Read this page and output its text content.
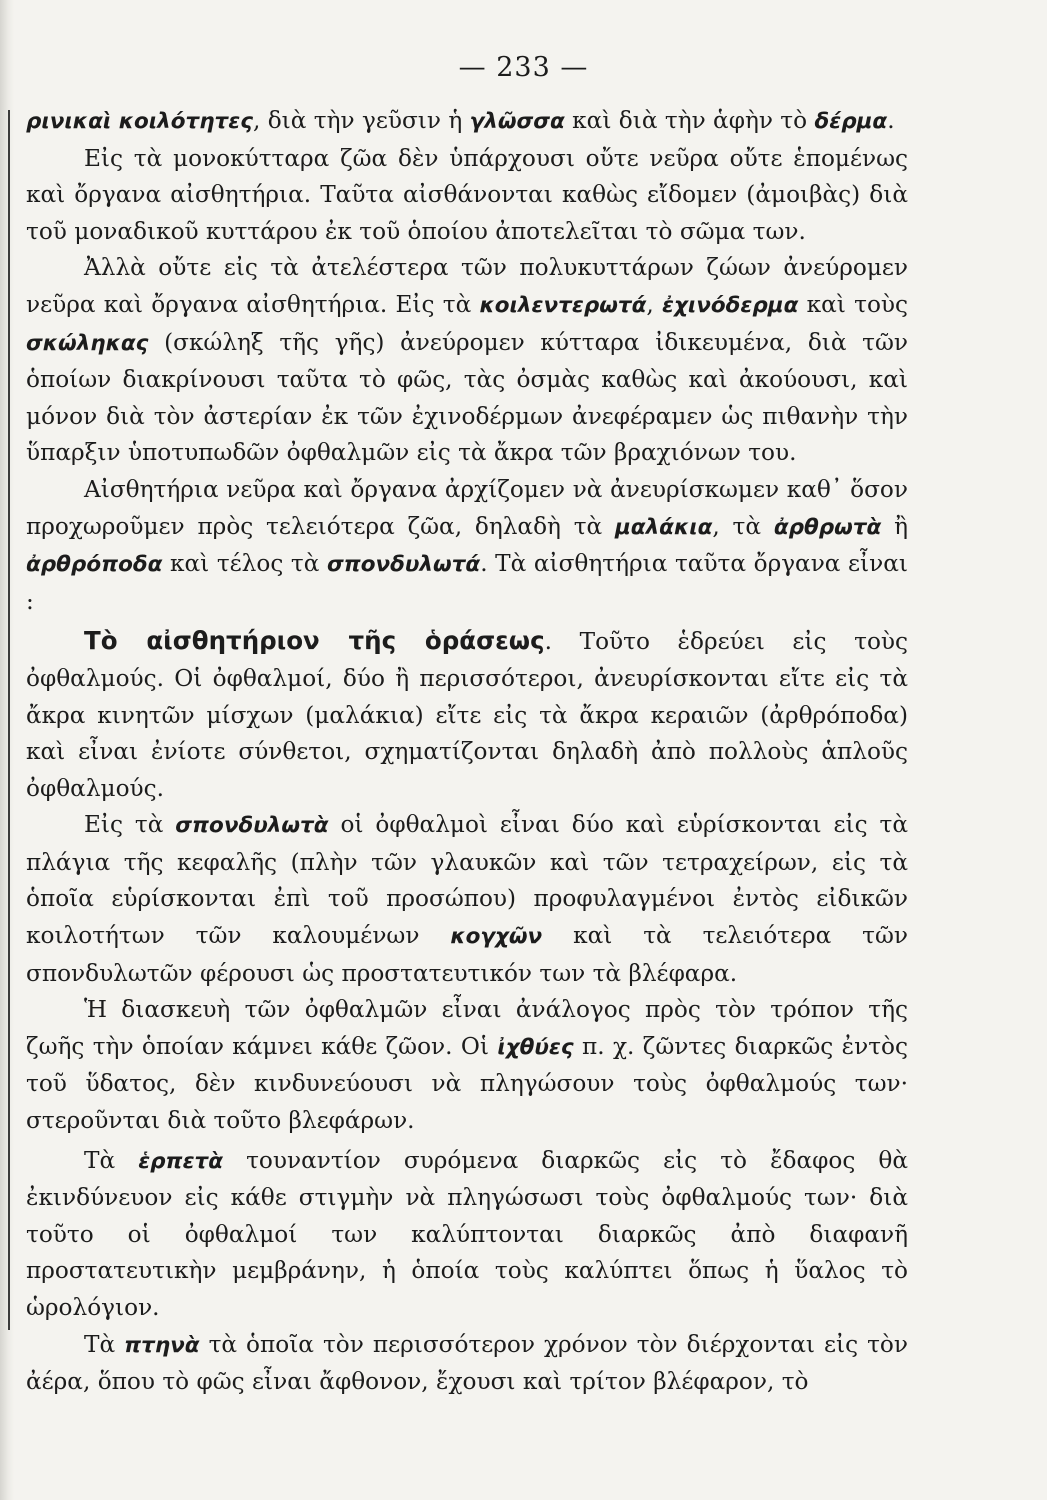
— 233 —

ρινικαὶ κοιλότητες, διὰ τὴν γεῦσιν ἡ γλῶσσα καὶ διὰ τὴν ἁφὴν τὸ δέρμα.

Εἰς τὰ μονοκύτταρα ζῶα δὲν ὑπάρχουσι οὔτε νεῦρα οὔτε ἑπομένως καὶ ὄργανα αἰσθητήρια. Ταῦτα αἰσθάνονται καθὼς εἴδομεν (ἀμοιβὰς) διὰ τοῦ μοναδικοῦ κυττάρου ἐκ τοῦ ὁποίου ἀποτελεῖται τὸ σῶμα των.

Ἀλλὰ οὔτε εἰς τὰ ἀτελέστερα τῶν πολυκυττάρων ζώων ἀνεύρομεν νεῦρα καὶ ὄργανα αἰσθητήρια. Εἰς τὰ κοιλεντερωτά, ἐχινόδερμα καὶ τοὺς σκώληκας (σκώληξ τῆς γῆς) ἀνεύρομεν κύτταρα ἰδικευμένα, διὰ τῶν ὁποίων διακρίνουσι ταῦτα τὸ φῶς, τὰς ὀσμὰς καθὼς καὶ ἀκούουσι, καὶ μόνον διὰ τὸν ἀστερίαν ἐκ τῶν ἐχινοδέρμων ἀνεφέραμεν ὡς πιθανὴν τὴν ὕπαρξιν ὑποτυπωδῶν ὀφθαλμῶν εἰς τὰ ἄκρα τῶν βραχιόνων του.

Αἰσθητήρια νεῦρα καὶ ὄργανα ἀρχίζομεν νὰ ἀνευρίσκωμεν καθ᾿ ὅσον προχωροῦμεν πρὸς τελειότερα ζῶα, δηλαδὴ τὰ μαλάκια, τὰ ἀρθρωτὰ ἢ ἀρθρόποδα καὶ τέλος τὰ σπονδυλωτά. Τὰ αἰσθητήρια ταῦτα ὄργανα εἶναι :

Τὸ αἰσθητήριον τῆς ὁράσεως. Τοῦτο ἑδρεύει εἰς τοὺς ὀφθαλμούς. Οἱ ὀφθαλμοί, δύο ἢ περισσότεροι, ἀνευρίσκονται εἴτε εἰς τὰ ἄκρα κινητῶν μίσχων (μαλάκια) εἴτε εἰς τὰ ἄκρα κεραιῶν (ἀρθρόποδα) καὶ εἶναι ἐνίοτε σύνθετοι, σχηματίζονται δηλαδὴ ἀπὸ πολλοὺς ἁπλοῦς ὀφθαλμούς.

Εἰς τὰ σπονδυλωτὰ οἱ ὀφθαλμοὶ εἶναι δύο καὶ εὑρίσκονται εἰς τὰ πλάγια τῆς κεφαλῆς (πλὴν τῶν γλαυκῶν καὶ τῶν τετραχείρων, εἰς τὰ ὁποῖα εὑρίσκονται ἐπὶ τοῦ προσώπου) προφυλαγμένοι ἐντὸς εἰδικῶν κοιλοτήτων τῶν καλουμένων κογχῶν καὶ τὰ τελειότερα τῶν σπονδυλωτῶν φέρουσι ὡς προστατευτικόν των τὰ βλέφαρα.

Ἡ διασκευὴ τῶν ὀφθαλμῶν εἶναι ἀνάλογος πρὸς τὸν τρόπον τῆς ζωῆς τὴν ὁποίαν κάμνει κάθε ζῶον. Οἱ ἰχθύες π. χ. ζῶντες διαρκῶς ἐντὸς τοῦ ὕδατος, δὲν κινδυνεύουσι νὰ πληγώσουν τοὺς ὀφθαλμούς των· στεροῦνται διὰ τοῦτο βλεφάρων.

Τὰ ἑρπετὰ τουναντίον συρόμενα διαρκῶς εἰς τὸ ἔδαφος θὰ ἐκινδύνευον εἰς κάθε στιγμὴν νὰ πληγώσωσι τοὺς ὀφθαλμούς των· διὰ τοῦτο οἱ ὀφθαλμοί των καλύπτονται διαρκῶς ἀπὸ διαφανῆ προστατευτικὴν μεμβράνην, ἡ ὁποία τοὺς καλύπτει ὅπως ἡ ὕαλος τὸ ὡρολόγιον.

Τὰ πτηνὰ τὰ ὁποῖα τὸν περισσότερον χρόνον τὸν διέρχονται εἰς τὸν ἀέρα, ὅπου τὸ φῶς εἶναι ἄφθονον, ἔχουσι καὶ τρίτον βλέφαρον, τὸ
